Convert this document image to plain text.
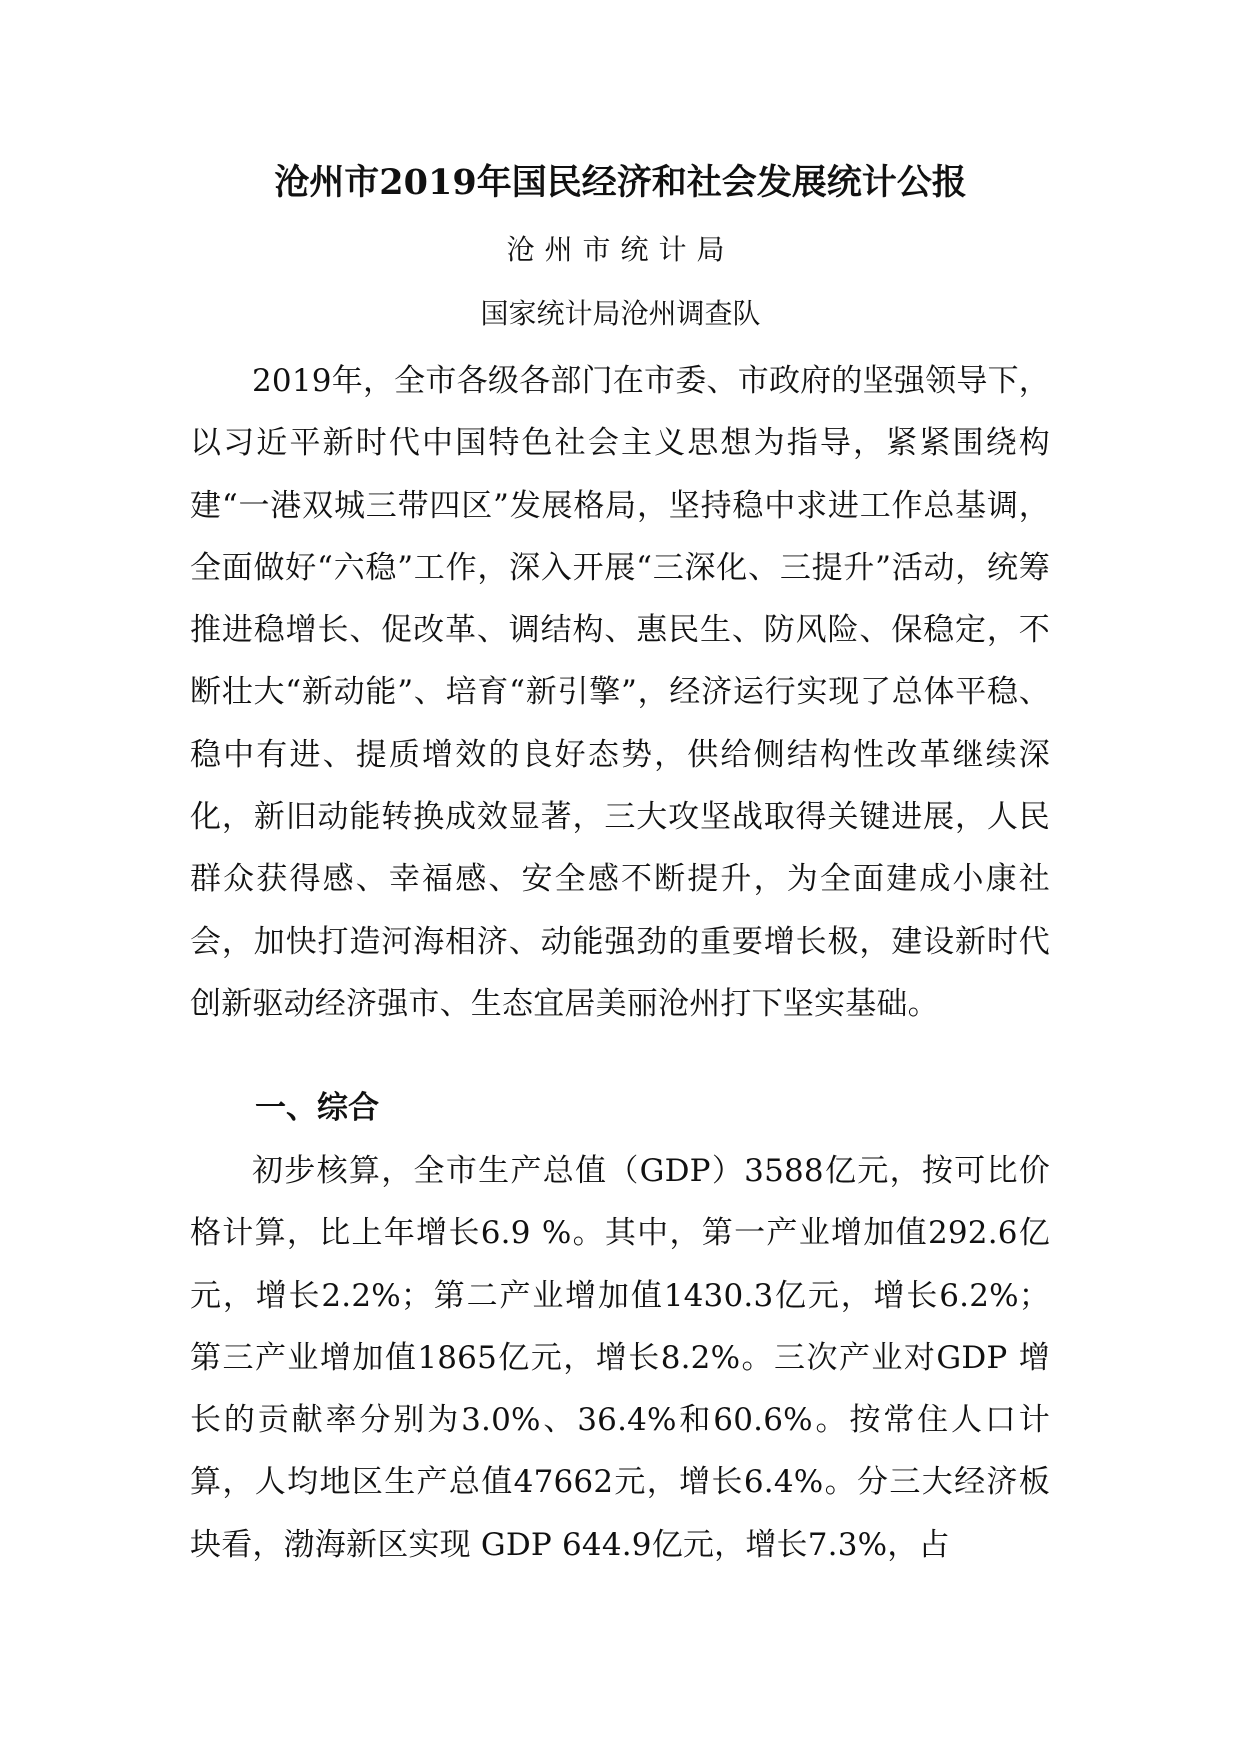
沧州市2019年国民经济和社会发展统计公报
沧州市统计局
国家统计局沧州调查队

2019年，全市各级各部门在市委、市政府的坚强领导下，以习近平新时代中国特色社会主义思想为指导，紧紧围绕构建“一港双城三带四区”发展格局，坚持稳中求进工作总基调，全面做好“六稳”工作，深入开展“三深化、三提升”活动，统筹推进稳增长、促改革、调结构、惠民生、防风险、保稳定，不断壮大“新动能”、培育“新引擎”，经济运行实现了总体平稳、稳中有进、提质增效的良好态势，供给侧结构性改革继续深化，新旧动能转换成效显著，三大攻坚战取得关键进展，人民群众获得感、幸福感、安全感不断提升，为全面建成小康社会，加快打造河海相济、动能强劲的重要增长极，建设新时代创新驱动经济强市、生态宜居美丽沧州打下坚实基础。

一、综合

初步核算，全市生产总值（GDP）3588亿元，按可比价格计算，比上年增长6.9 %。其中，第一产业增加值292.6亿元，增长2.2%；第二产业增加值1430.3亿元，增长6.2%；第三产业增加值1865亿元，增长8.2%。三次产业对GDP 增长的贡献率分别为3.0%、36.4%和60.6%。按常住人口计算，人均地区生产总值47662元，增长6.4%。分三大经济板块看，渤海新区实现 GDP 644.9亿元，增长7.3%，占
